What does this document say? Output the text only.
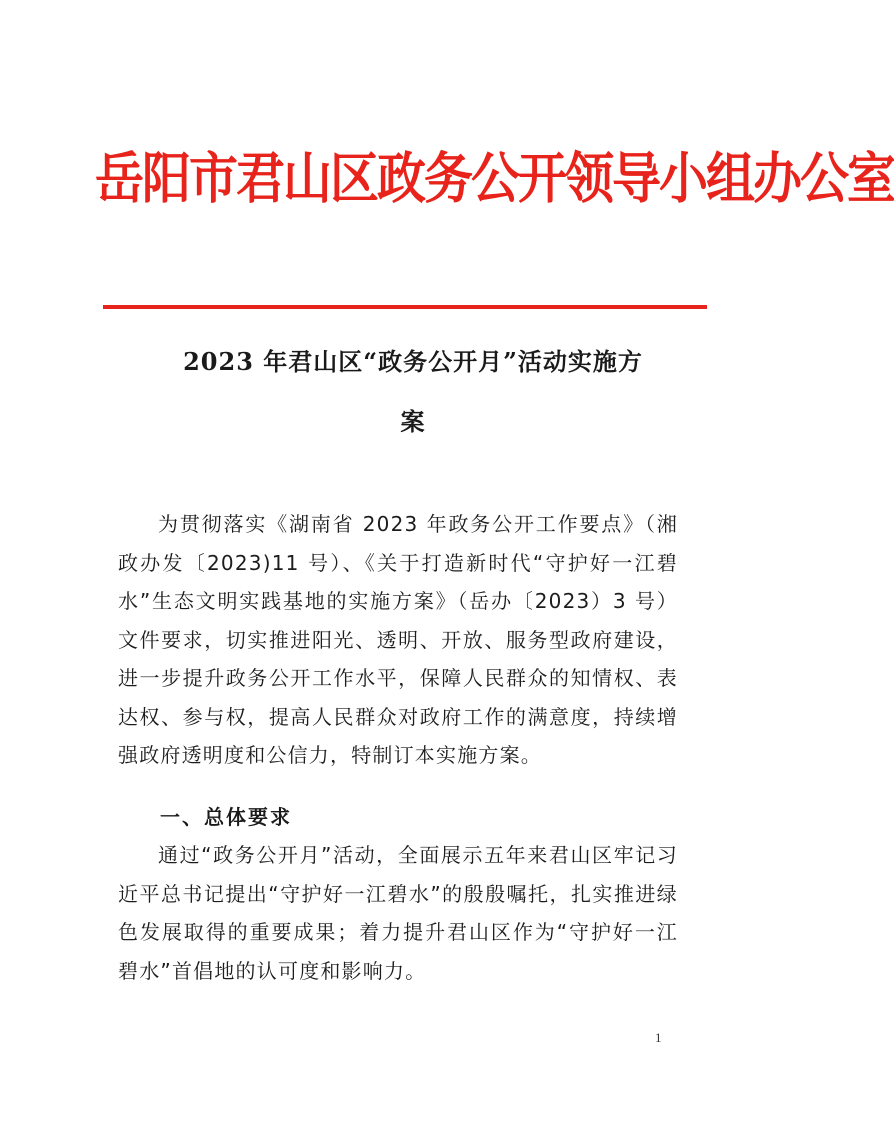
岳阳市君山区政务公开领导小组办公室
2023 年君山区“政务公开月”活动实施方
案

为贯彻落实《湖南省 2023 年政务公开工作要点》（湘政办发〔2023)11 号）、《关于打造新时代“守护好一江碧水”生态文明实践基地的实施方案》（岳办〔2023）3 号）文件要求，切实推进阳光、透明、开放、服务型政府建设，进一步提升政务公开工作水平，保障人民群众的知情权、表达权、参与权，提高人民群众对政府工作的满意度，持续增强政府透明度和公信力，特制订本实施方案。

一、总体要求

通过“政务公开月”活动，全面展示五年来君山区牢记习近平总书记提出“守护好一江碧水”的殷殷嘱托，扎实推进绿色发展取得的重要成果；着力提升君山区作为“守护好一江碧水”首倡地的认可度和影响力。

1
